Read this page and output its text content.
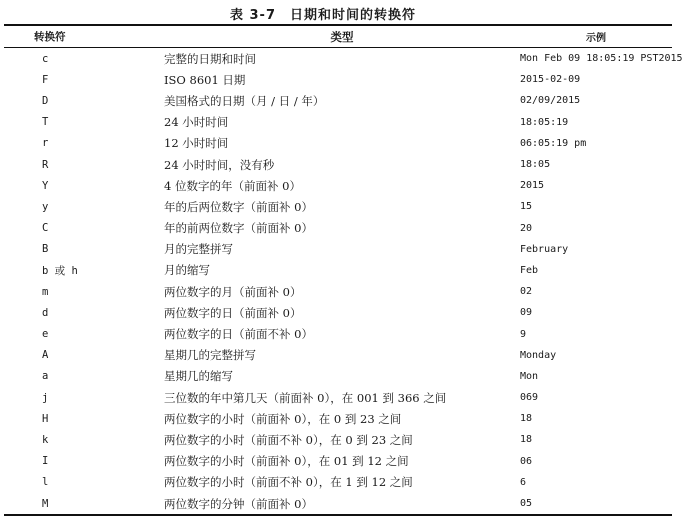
表 3-7　日期和时间的转换符
转换符	类型	示例
c	完整的日期和时间	Mon Feb 09 18:05:19 PST2015
F	ISO 8601 日期	2015-02-09
D	美国格式的日期（月 / 日 / 年）	02/09/2015
T	24 小时时间	18:05:19
r	12 小时时间	06:05:19 pm
R	24 小时时间，没有秒	18:05
Y	4 位数字的年（前面补 0）	2015
y	年的后两位数字（前面补 0）	15
C	年的前两位数字（前面补 0）	20
B	月的完整拼写	February
b 或 h	月的缩写	Feb
m	两位数字的月（前面补 0）	02
d	两位数字的日（前面补 0）	09
e	两位数字的日（前面不补 0）	9
A	星期几的完整拼写	Monday
a	星期几的缩写	Mon
j	三位数的年中第几天（前面补 0），在 001 到 366 之间	069
H	两位数字的小时（前面补 0），在 0 到 23 之间	18
k	两位数字的小时（前面不补 0），在 0 到 23 之间	18
I	两位数字的小时（前面补 0），在 01 到 12 之间	06
l	两位数字的小时（前面不补 0），在 1 到 12 之间	6
M	两位数字的分钟（前面补 0）	05
